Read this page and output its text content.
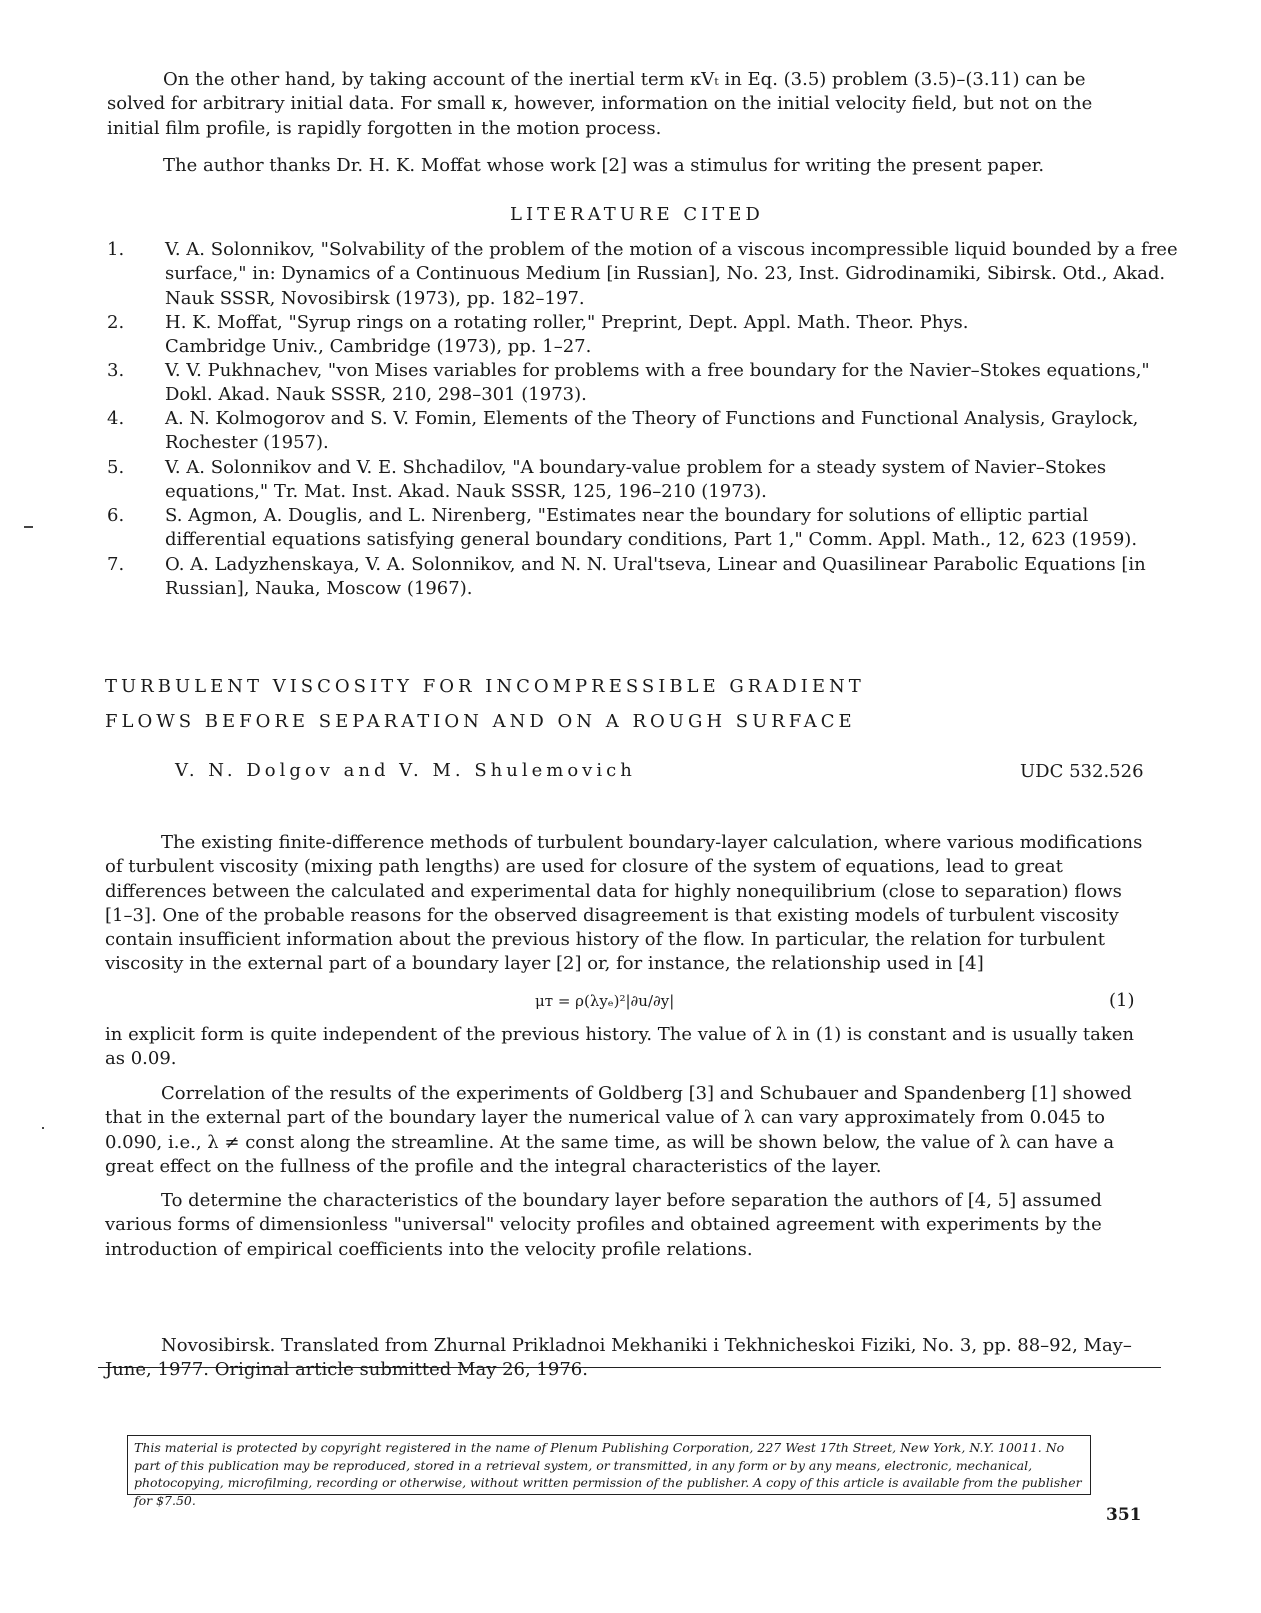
On the other hand, by taking account of the inertial term κVₜ in Eq. (3.5) problem (3.5)–(3.11) can be solved for arbitrary initial data. For small κ, however, information on the initial velocity field, but not on the initial film profile, is rapidly forgotten in the motion process.

The author thanks Dr. H. K. Moffat whose work [2] was a stimulus for writing the present paper.

LITERATURE CITED
1.	V. A. Solonnikov, "Solvability of the problem of the motion of a viscous incompressible liquid bounded by a free surface," in: Dynamics of a Continuous Medium [in Russian], No. 23, Inst. Gidrodinamiki, Sibirsk. Otd., Akad. Nauk SSSR, Novosibirsk (1973), pp. 182–197.
2.	H. K. Moffat, "Syrup rings on a rotating roller," Preprint, Dept. Appl. Math. Theor. Phys. Cambridge Univ., Cambridge (1973), pp. 1–27.
3.	V. V. Pukhnachev, "von Mises variables for problems with a free boundary for the Navier–Stokes equations," Dokl. Akad. Nauk SSSR, 210, 298–301 (1973).
4.	A. N. Kolmogorov and S. V. Fomin, Elements of the Theory of Functions and Functional Analysis, Graylock, Rochester (1957).
5.	V. A. Solonnikov and V. E. Shchadilov, "A boundary-value problem for a steady system of Navier–Stokes equations," Tr. Mat. Inst. Akad. Nauk SSSR, 125, 196–210 (1973).
6.	S. Agmon, A. Douglis, and L. Nirenberg, "Estimates near the boundary for solutions of elliptic partial differential equations satisfying general boundary conditions, Part 1," Comm. Appl. Math., 12, 623 (1959).
7.	O. A. Ladyzhenskaya, V. A. Solonnikov, and N. N. Ural'tseva, Linear and Quasilinear Parabolic Equations [in Russian], Nauka, Moscow (1967).
TURBULENT VISCOSITY FOR INCOMPRESSIBLE GRADIENT
FLOWS BEFORE SEPARATION AND ON A ROUGH SURFACE
V. N. Dolgov and V. M. Shulemovich	UDC 532.526

The existing finite-difference methods of turbulent boundary-layer calculation, where various modifications of turbulent viscosity (mixing path lengths) are used for closure of the system of equations, lead to great differences between the calculated and experimental data for highly nonequilibrium (close to separation) flows [1–3]. One of the probable reasons for the observed disagreement is that existing models of turbulent viscosity contain insufficient information about the previous history of the flow. In particular, the relation for turbulent viscosity in the external part of a boundary layer [2] or, for instance, the relationship used in [4]

μᴛ = ρ(λyₑ)²|∂u/∂y|	(1)

in explicit form is quite independent of the previous history. The value of λ in (1) is constant and is usually taken as 0.09.

Correlation of the results of the experiments of Goldberg [3] and Schubauer and Spandenberg [1] showed that in the external part of the boundary layer the numerical value of λ can vary approximately from 0.045 to 0.090, i.e., λ ≠ const along the streamline. At the same time, as will be shown below, the value of λ can have a great effect on the fullness of the profile and the integral characteristics of the layer.

To determine the characteristics of the boundary layer before separation the authors of [4, 5] assumed various forms of dimensionless "universal" velocity profiles and obtained agreement with experiments by the introduction of empirical coefficients into the velocity profile relations.

Novosibirsk. Translated from Zhurnal Prikladnoi Mekhaniki i Tekhnicheskoi Fiziki, No. 3, pp. 88–92, May–June, 1977. Original article submitted May 26, 1976.

This material is protected by copyright registered in the name of Plenum Publishing Corporation, 227 West 17th Street, New York, N.Y. 10011. No part of this publication may be reproduced, stored in a retrieval system, or transmitted, in any form or by any means, electronic, mechanical, photocopying, microfilming, recording or otherwise, without written permission of the publisher. A copy of this article is available from the publisher for $7.50.
351
